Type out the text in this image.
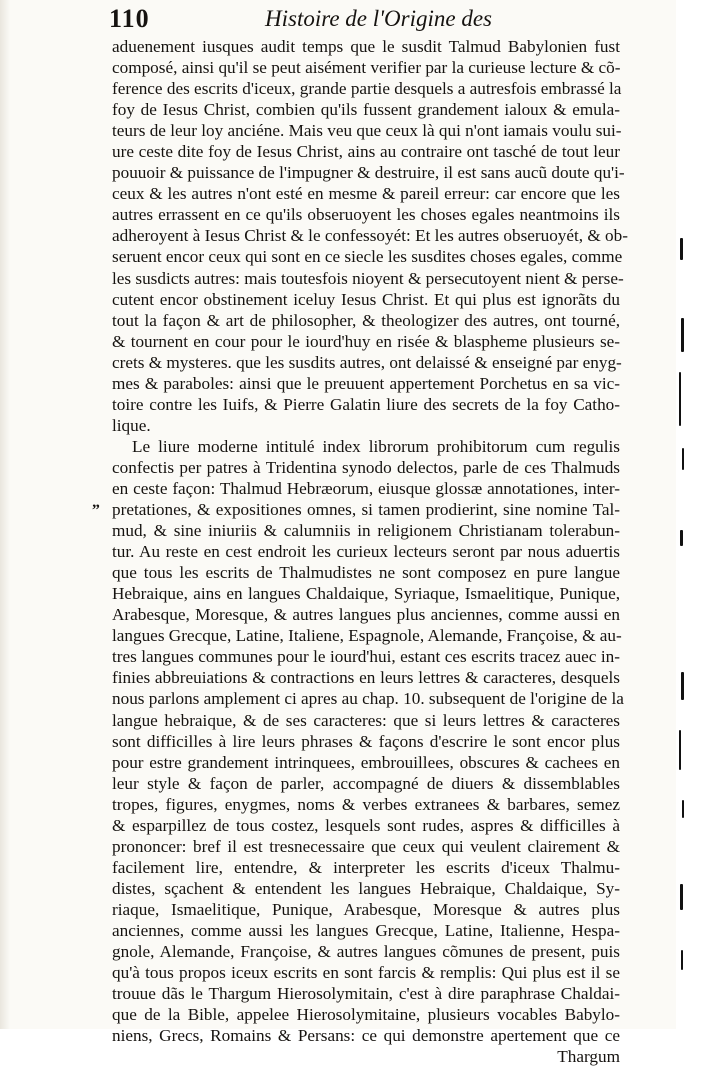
110	Histoire de l'Origine des
aduenement iusques audit temps que le susdit Talmud Babylonien fust
composé, ainsi qu'il se peut aisément verifier par la curieuse lecture & cõ-
ference des escrits d'iceux, grande partie desquels a autresfois embrassé la
foy de Iesus Christ, combien qu'ils fussent grandement ialoux & emula-
teurs de leur loy anciéne. Mais veu que ceux là qui n'ont iamais voulu sui-
ure ceste dite foy de Iesus Christ, ains au contraire ont tasché de tout leur
pouuoir & puissance de l'impugner & destruire, il est sans aucũ doute qu'i-
ceux & les autres n'ont esté en mesme & pareil erreur: car encore que les
autres errassent en ce qu'ils obseruoyent les choses egales neantmoins ils
adheroyent à Iesus Christ & le confessoyét: Et les autres obseruoyét, & ob-
seruent encor ceux qui sont en ce siecle les susdites choses egales, comme
les susdicts autres: mais toutesfois nioyent & persecutoyent nient & perse-
cutent encor obstinement iceluy Iesus Christ. Et qui plus est ignorãts du
tout la façon & art de philosopher, & theologizer des autres, ont tourné,
& tournent en cour pour le iourd'huy en risée & blaspheme plusieurs se-
crets & mysteres. que les susdits autres, ont delaissé & enseigné par enyg-
mes & paraboles: ainsi que le preuuent appertement Porchetus en sa vic-
toire contre les Iuifs, & Pierre Galatin liure des secrets de la foy Catho-
lique.
Le liure moderne intitulé index librorum prohibitorum cum regulis
confectis per patres à Tridentina synodo delectos, parle de ces Thalmuds
en ceste façon: Thalmud Hebræorum, eiusque glossæ annotationes, inter-
pretationes, & expositiones omnes, si tamen prodierint, sine nomine Tal-
mud, & sine iniuriis & calumniis in religionem Christianam tolerabun-
tur. Au reste en cest endroit les curieux lecteurs seront par nous aduertis
que tous les escrits de Thalmudistes ne sont composez en pure langue
Hebraique, ains en langues Chaldaique, Syriaque, Ismaelitique, Punique,
Arabesque, Moresque, & autres langues plus anciennes, comme aussi en
langues Grecque, Latine, Italiene, Espagnole, Alemande, Françoise, & au-
tres langues communes pour le iourd'hui, estant ces escrits tracez auec in-
finies abbreuiations & contractions en leurs lettres & caracteres, desquels
nous parlons amplement ci apres au chap. 10. subsequent de l'origine de la
langue hebraique, & de ses caracteres: que si leurs lettres & caracteres
sont difficilles à lire leurs phrases & façons d'escrire le sont encor plus
pour estre grandement intrinquees, embrouillees, obscures & cachees en
leur style & façon de parler, accompagné de diuers & dissemblables
tropes, figures, enygmes, noms & verbes extranees & barbares, semez
& esparpillez de tous costez, lesquels sont rudes, aspres & difficilles à
prononcer: bref il est tresnecessaire que ceux qui veulent clairement &
facilement lire, entendre, & interpreter les escrits d'iceux Thalmu-
distes, sçachent & entendent les langues Hebraique, Chaldaique, Sy-
riaque, Ismaelitique, Punique, Arabesque, Moresque & autres plus
anciennes, comme aussi les langues Grecque, Latine, Italienne, Hespa-
gnole, Alemande, Françoise, & autres langues cõmunes de present, puis
qu'à tous propos iceux escrits en sont farcis & remplis: Qui plus est il se
trouue dãs le Thargum Hierosolymitain, c'est à dire paraphrase Chaldai-
que de la Bible, appelee Hierosolymitaine, plusieurs vocables Babylo-
niens, Grecs, Romains & Persans: ce qui demonstre apertement que ce
Thargum
„
